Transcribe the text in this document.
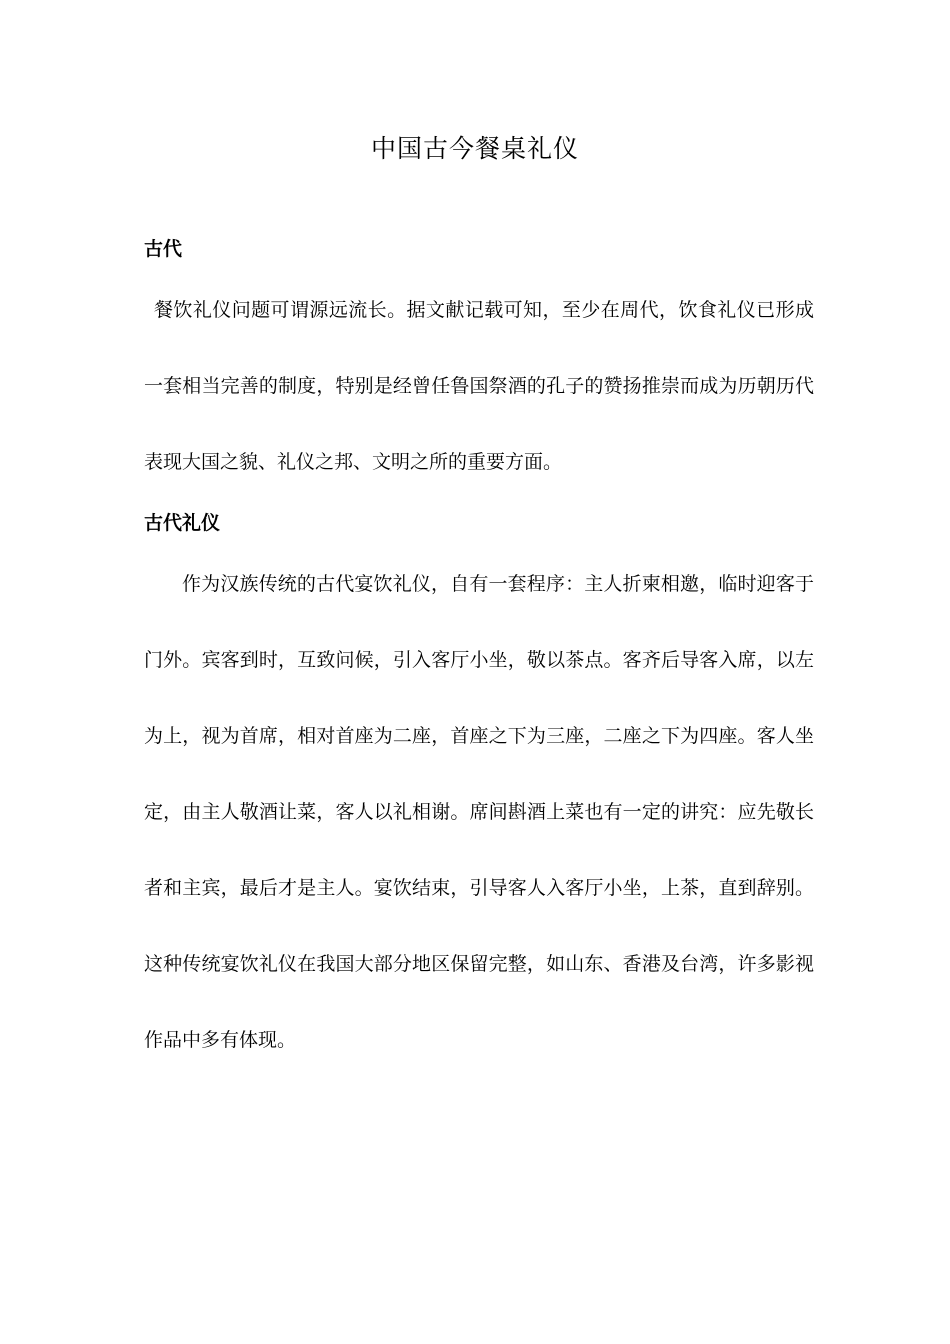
中国古今餐桌礼仪
古代

餐饮礼仪问题可谓源远流长。据文献记载可知，至少在周代，饮食礼仪已形成一套相当完善的制度，特别是经曾任鲁国祭酒的孔子的赞扬推崇而成为历朝历代表现大国之貌、礼仪之邦、文明之所的重要方面。

古代礼仪

作为汉族传统的古代宴饮礼仪，自有一套程序：主人折柬相邀，临时迎客于门外。宾客到时，互致问候，引入客厅小坐，敬以茶点。客齐后导客入席，以左为上，视为首席，相对首座为二座，首座之下为三座，二座之下为四座。客人坐定，由主人敬酒让菜，客人以礼相谢。席间斟酒上菜也有一定的讲究：应先敬长者和主宾，最后才是主人。宴饮结束，引导客人入客厅小坐，上茶，直到辞别。这种传统宴饮礼仪在我国大部分地区保留完整，如山东、香港及台湾，许多影视作品中多有体现。
